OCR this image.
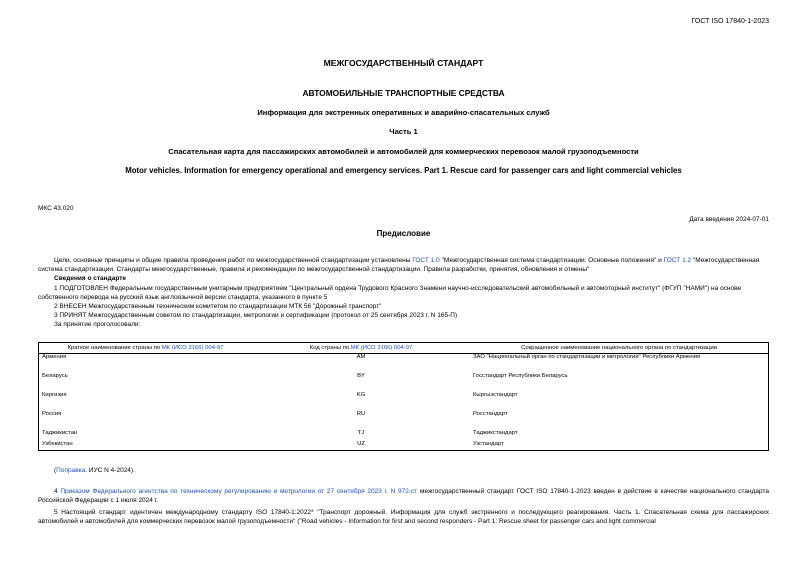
ГОСТ ISO 17840-1-2023
МЕЖГОСУДАРСТВЕННЫЙ СТАНДАРТ
АВТОМОБИЛЬНЫЕ ТРАНСПОРТНЫЕ СРЕДСТВА
Информация для экстренных оперативных и аварийно-спасательных служб
Часть 1
Спасательная карта для пассажирских автомобилей и автомобилей для коммерческих перевозок малой грузоподъемности
Motor vehicles. Information for emergency operational and emergency services. Part 1. Rescue card for passenger cars and light commercial vehicles
МКС 43.020
Дата введения 2024-07-01
Предисловие

Цели, основные принципы и общие правила проведения работ по межгосударственной стандартизации установлены ГОСТ 1.0 "Межгосударственная система стандартизации. Основные положения" и ГОСТ 1.2 "Межгосударственная система стандартизации. Стандарты межгосударственные, правила и рекомендации по межгосударственной стандартизации. Правила разработки, принятия, обновления и отмены"

Сведения о стандарте

1 ПОДГОТОВЛЕН Федеральным государственным унитарным предприятием "Центральный ордена Трудового Красного Знамени научно-исследовательский автомобильный и автомоторный институт" (ФГУП "НАМИ") на основе собственного перевода на русский язык англоязычной версии стандарта, указанного в пункте 5

2 ВНЕСЕН Межгосударственным техническим комитетом по стандартизации МТК 56 "Дорожный транспорт"

3 ПРИНЯТ Межгосударственным советом по стандартизации, метрологии и сертификации (протокол от 25 сентября 2023 г. N 165-П)

За принятие проголосовали:

Краткое наименование страны по МК (ИСО 3166) 004-97	Код страны по МК (ИСО 3166) 004-97	Сокращенное наименование национального органа по стандартизации
Армения	AM	ЗАО "Национальный орган по стандартизации и метрологии" Республики Армения
Беларусь	BY	Госстандарт Республики Беларусь
Киргизия	KG	Кыргызстандарт
Россия	RU	Росстандарт
Таджикистан	TJ	Таджикстандарт
Узбекистан	UZ	Узстандарт

(Поправка. ИУС N 4-2024).

4 Приказом Федерального агентства по техническому регулированию и метрологии от 27 сентября 2023 г. N 972-ст межгосударственный стандарт ГОСТ ISO 17840-1-2023 введен в действие в качестве национального стандарта Российской Федерации с 1 июля 2024 г.

5 Настоящий стандарт идентичен международному стандарту ISO 17840-1:2022* "Транспорт дорожный. Информация для служб экстренного и последующего реагирования. Часть 1. Спасательная схема для пассажирских автомобилей и автомобилей для коммерческих перевозок малой грузоподъемности" ("Road vehicles - Information for first and second responders - Part 1: Rescue sheet for passenger cars and light commercial
